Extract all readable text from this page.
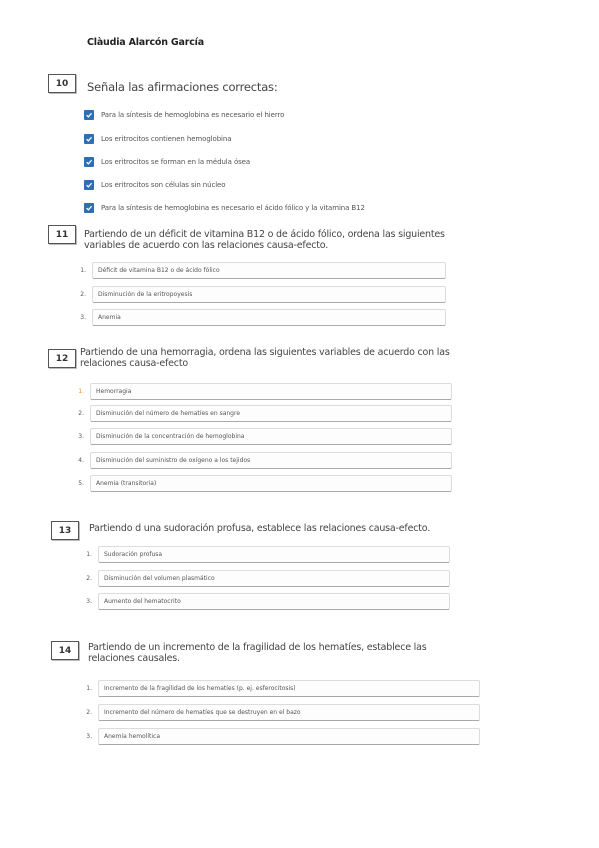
Clàudia Alarcón García
10	Señala las afirmaciones correctas:
Para la síntesis de hemoglobina es necesario el hierro
Los eritrocitos contienen hemoglobina
Los eritrocitos se forman en la médula ósea
Los eritrocitos son células sin núcleo
Para la síntesis de hemoglobina es necesario el ácido fólico y la vitamina B12
11	Partiendo de un déficit de vitamina B12 o de ácido fólico, ordena las siguientes
variables de acuerdo con las relaciones causa-efecto.
1.	Déficit de vitamina B12 o de ácido fólico
2.	Disminución de la eritropoyesis
3.	Anemia
12
Partiendo de una hemorragia, ordena las siguientes variables de acuerdo con las
relaciones causa-efecto
1.	Hemorragia
2.	Disminución del número de hematíes en sangre
3.	Disminución de la concentración de hemoglobina
4.	Disminución del suministro de oxígeno a los tejidos
5.	Anemia (transitoria)
13	Partiendo d una sudoración profusa, establece las relaciones causa-efecto.
1.	Sudoración profusa
2.	Disminución del volumen plasmático
3.	Aumento del hematocrito
14	Partiendo de un incremento de la fragilidad de los hematíes, establece las
relaciones causales.
1.	Incremento de la fragilidad de los hematíes (p. ej. esferocitosis)
2.	Incremento del número de hematíes que se destruyen en el bazo
3.	Anemia hemolítica
